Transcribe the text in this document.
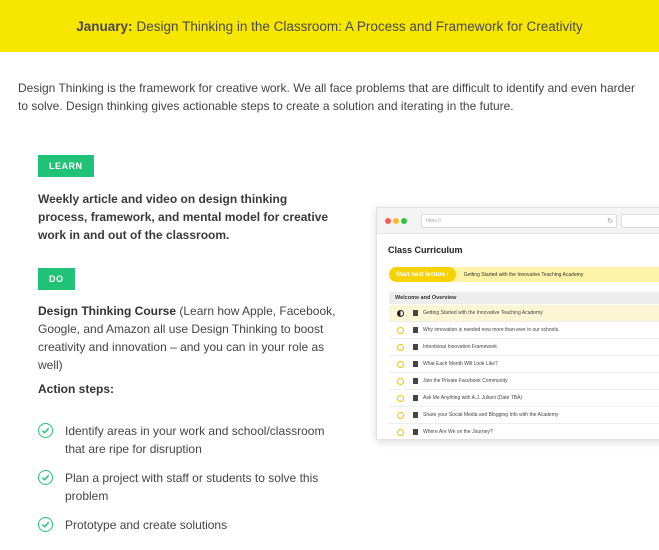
January: Design Thinking in the Classroom: A Process and Framework for Creativity

Design Thinking is the framework for creative work. We all face problems that are difficult to identify and even harder to solve. Design thinking gives actionable steps to create a solution and iterating in the future.

LEARN

Weekly article and video on design thinking process, framework, and mental model for creative work in and out of the classroom.

DO

Design Thinking Course (Learn how Apple, Facebook, Google, and Amazon all use Design Thinking to boost creativity and innovation – and you can in your role as well)

Action steps:
Identify areas in your work and school/classroom that are ripe for disruption
Plan a project with staff or students to solve this problem
Prototype and create solutions
https://	↻
Class Curriculum
Start next lecture ›	Getting Started with the Innovative Teaching Academy
Welcome and Overview
Getting Started with the Innovative Teaching Academy
Why innovation is needed now more than ever in our schools.
Intentional Innovation Framework
What Each Month Will Look Like?
Join the Private Facebook Community
Ask Me Anything with A.J. Juliani (Date TBA)
Share your Social Media and Blogging Info with the Academy
Where Are We on the Journey?
